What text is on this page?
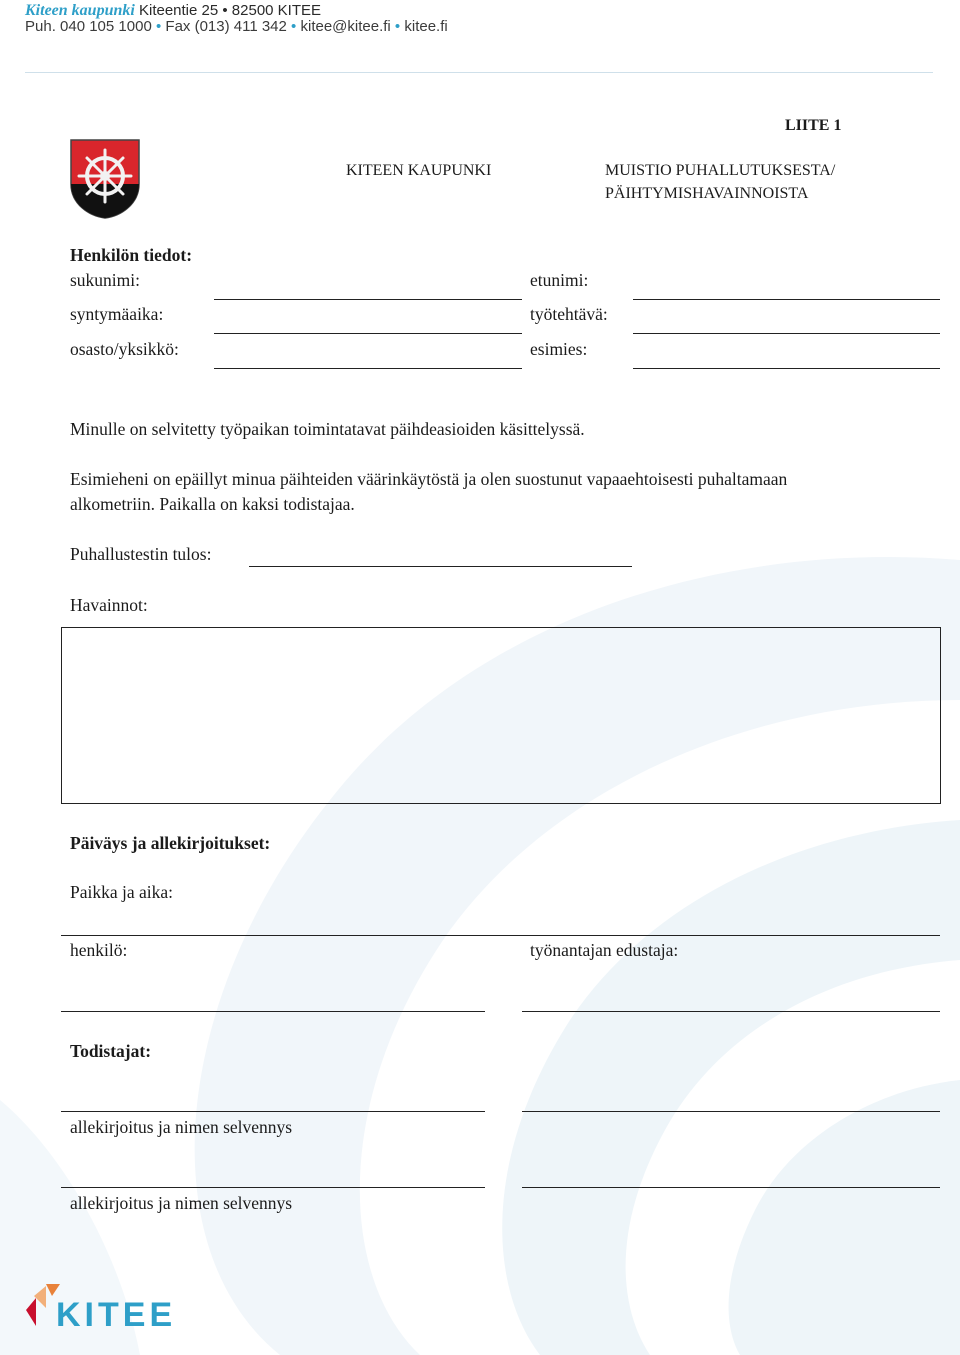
Kiteen kaupunki Kiteentie 25 • 82500 KITEE
Puh. 040 105 1000 • Fax (013) 411 342 • kitee@kitee.fi • kitee.fi
LIITE 1
KITEEN KAUPUNKI	MUISTIO PUHALLUTUKSESTA/
PÄIHTYMISHAVAINNOISTA
Henkilön tiedot:
sukunimi:	etunimi:
syntymäaika:	työtehtävä:
osasto/yksikkö:	esimies:
Minulle on selvitetty työpaikan toimintatavat päihdeasioiden käsittelyssä.
Esimieheni on epäillyt minua päihteiden väärinkäytöstä ja olen suostunut vapaaehtoisesti puhaltamaan
alkometriin. Paikalla on kaksi todistajaa.
Puhallustestin tulos:
Havainnot:
Päiväys ja allekirjoitukset:
Paikka ja aika:
henkilö:	työnantajan edustaja:
Todistajat:
allekirjoitus ja nimen selvennys
allekirjoitus ja nimen selvennys
KITEE
